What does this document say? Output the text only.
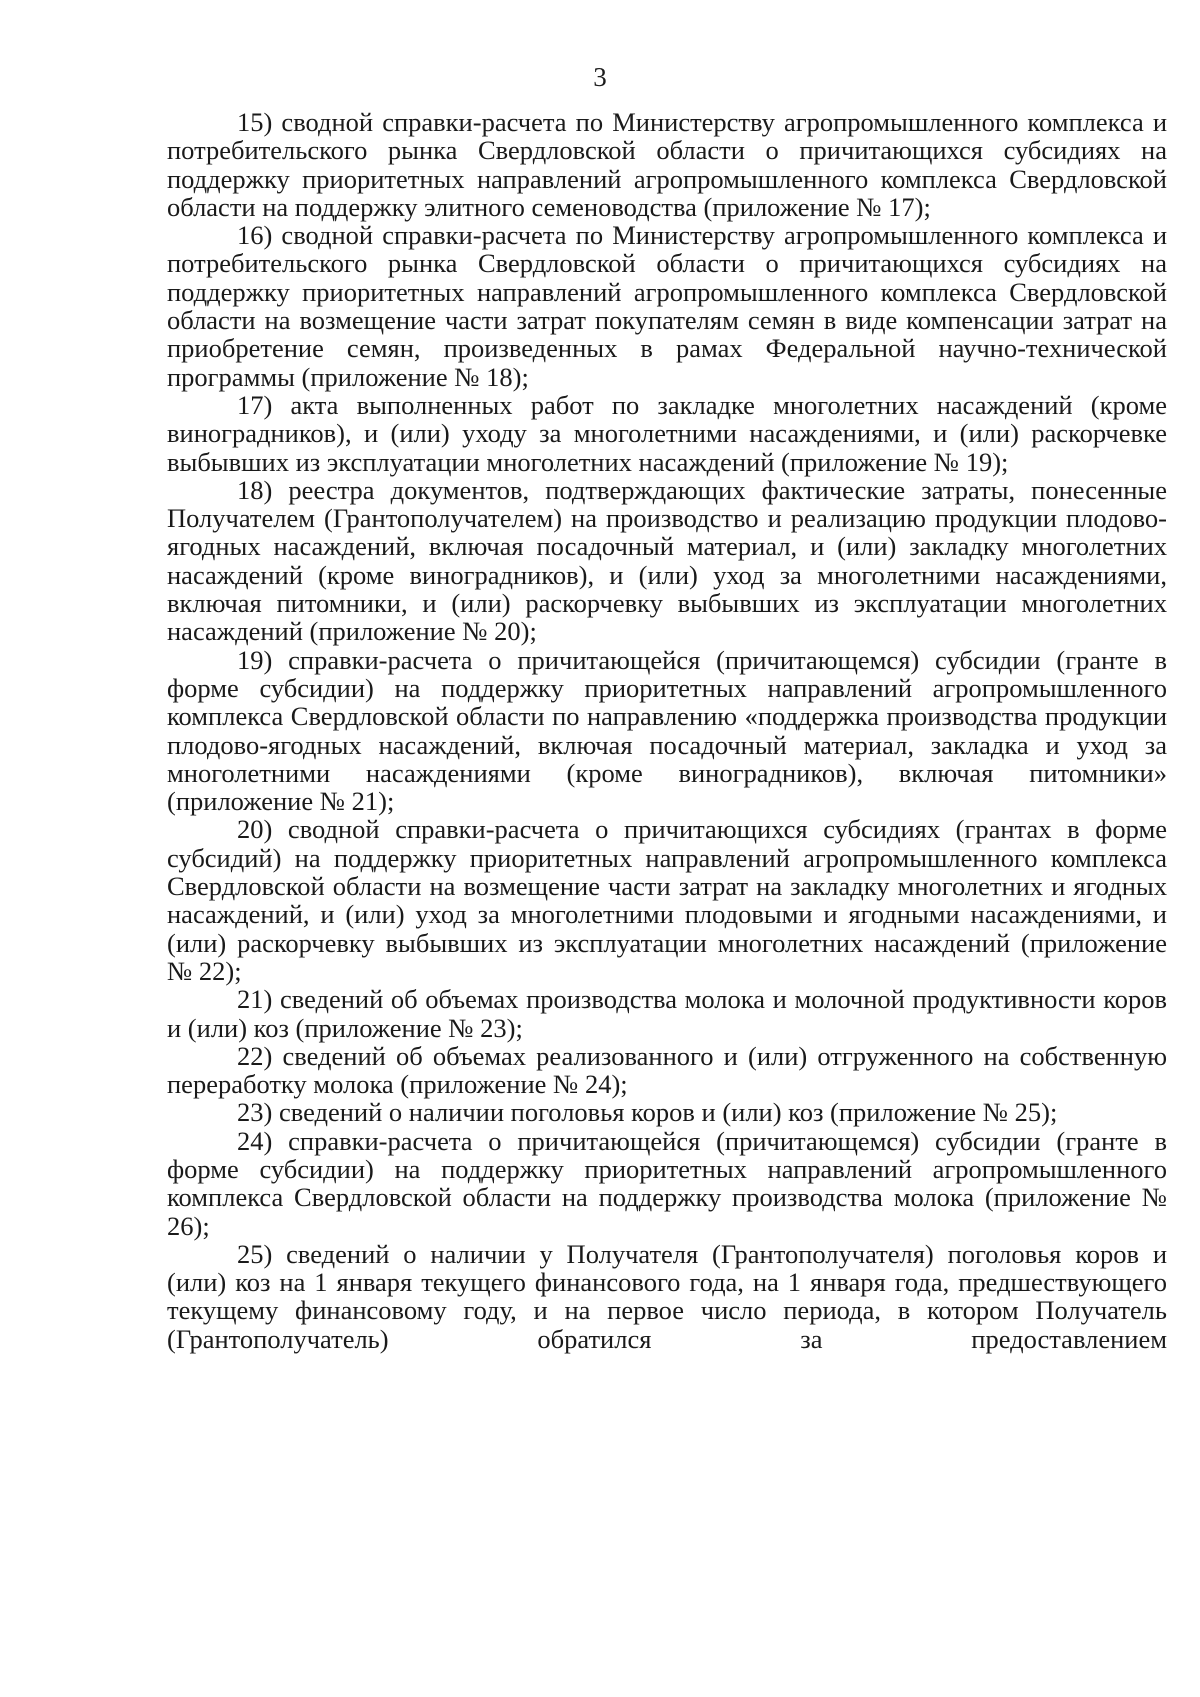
3

15) сводной справки-расчета по Министерству агропромышленного комплекса и потребительского рынка Свердловской области о причитающихся субсидиях на поддержку приоритетных направлений агропромышленного комплекса Свердловской области на поддержку элитного семеноводства (приложение № 17);

16) сводной справки-расчета по Министерству агропромышленного комплекса и потребительского рынка Свердловской области о причитающихся субсидиях на поддержку приоритетных направлений агропромышленного комплекса Свердловской области на возмещение части затрат покупателям семян в виде компенсации затрат на приобретение семян, произведенных в рамах Федеральной научно-технической программы (приложение № 18);

17) акта выполненных работ по закладке многолетних насаждений (кроме виноградников), и (или) уходу за многолетними насаждениями, и (или) раскорчевке выбывших из эксплуатации многолетних насаждений (приложение № 19);

18) реестра документов, подтверждающих фактические затраты, понесенные Получателем (Грантополучателем) на производство и реализацию продукции плодово-ягодных насаждений, включая посадочный материал, и (или) закладку многолетних насаждений (кроме виноградников), и (или) уход за многолетними насаждениями, включая питомники, и (или) раскорчевку выбывших из эксплуатации многолетних насаждений (приложение № 20);

19) справки-расчета о причитающейся (причитающемся) субсидии (гранте в форме субсидии) на поддержку приоритетных направлений агропромышленного комплекса Свердловской области по направлению «поддержка производства продукции плодово-ягодных насаждений, включая посадочный материал, закладка и уход за многолетними насаждениями (кроме виноградников), включая питомники» (приложение № 21);

20) сводной справки-расчета о причитающихся субсидиях (грантах в форме субсидий) на поддержку приоритетных направлений агропромышленного комплекса Свердловской области на возмещение части затрат на закладку многолетних и ягодных насаждений, и (или) уход за многолетними плодовыми и ягодными насаждениями, и (или) раскорчевку выбывших из эксплуатации многолетних насаждений (приложение № 22);

21) сведений об объемах производства молока и молочной продуктивности коров и (или) коз (приложение № 23);

22) сведений об объемах реализованного и (или) отгруженного на собственную переработку молока (приложение № 24);

23) сведений о наличии поголовья коров и (или) коз (приложение № 25);

24) справки-расчета о причитающейся (причитающемся) субсидии (гранте в форме субсидии) на поддержку приоритетных направлений агропромышленного комплекса Свердловской области на поддержку производства молока (приложение № 26);

25) сведений о наличии у Получателя (Грантополучателя) поголовья коров и (или) коз на 1 января текущего финансового года, на 1 января года, предшествующего текущему финансовому году, и на первое число периода, в котором Получатель (Грантополучатель) обратился за предоставлением
